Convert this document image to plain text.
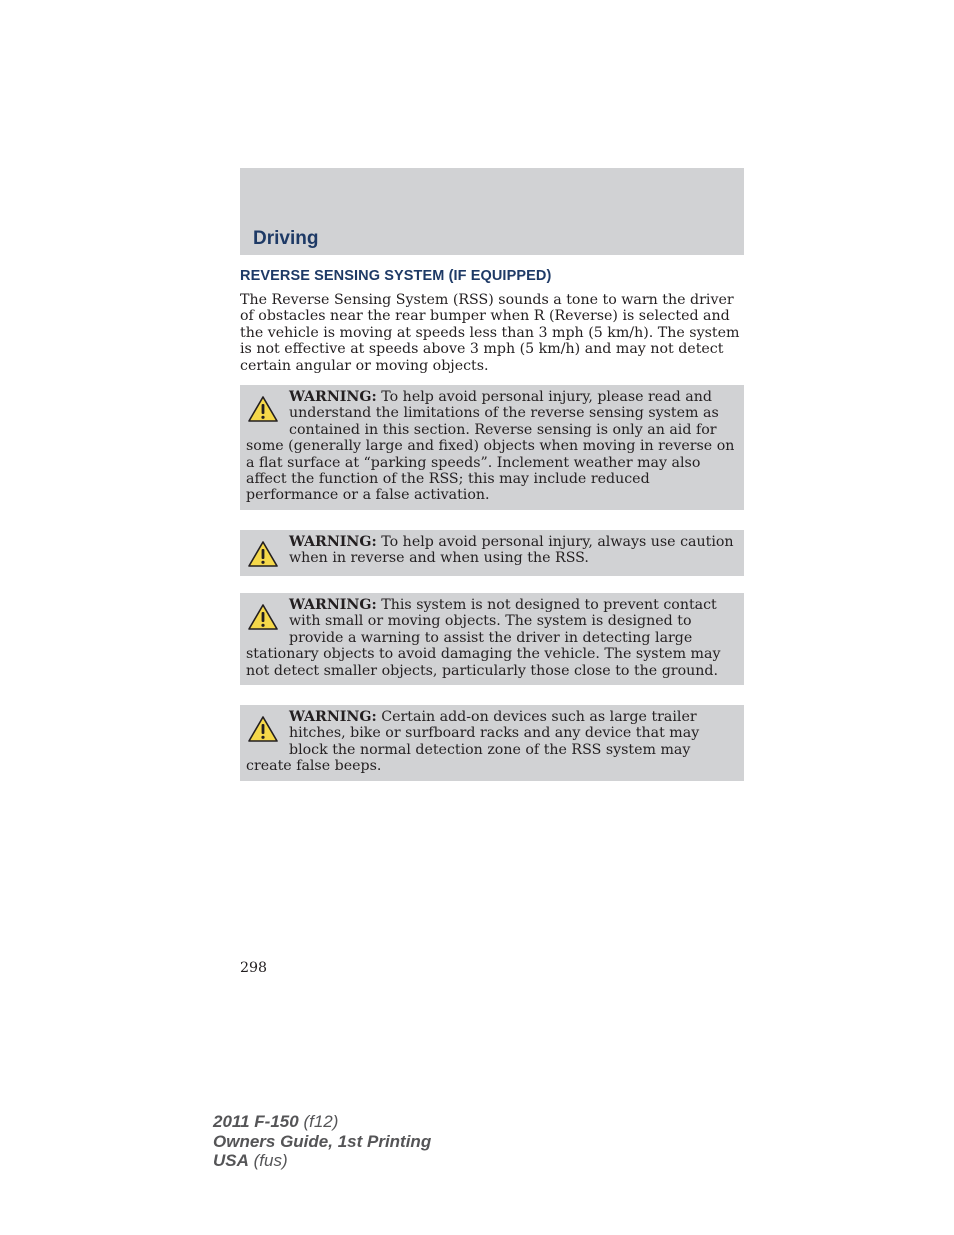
Driving
REVERSE SENSING SYSTEM (IF EQUIPPED)

The Reverse Sensing System (RSS) sounds a tone to warn the driver of obstacles near the rear bumper when R (Reverse) is selected and the vehicle is moving at speeds less than 3 mph (5 km/h). The system is not effective at speeds above 3 mph (5 km/h) and may not detect certain angular or moving objects.

WARNING: To help avoid personal injury, please read and understand the limitations of the reverse sensing system as contained in this section. Reverse sensing is only an aid for some (generally large and fixed) objects when moving in reverse on a flat surface at “parking speeds”. Inclement weather may also affect the function of the RSS; this may include reduced performance or a false activation.
WARNING: To help avoid personal injury, always use caution when in reverse and when using the RSS.
WARNING: This system is not designed to prevent contact with small or moving objects. The system is designed to provide a warning to assist the driver in detecting large stationary objects to avoid damaging the vehicle. The system may not detect smaller objects, particularly those close to the ground.
WARNING: Certain add-on devices such as large trailer hitches, bike or surfboard racks and any device that may block the normal detection zone of the RSS system may create false beeps.
298
2011 F-150 (f12)
Owners Guide, 1st Printing
USA (fus)
